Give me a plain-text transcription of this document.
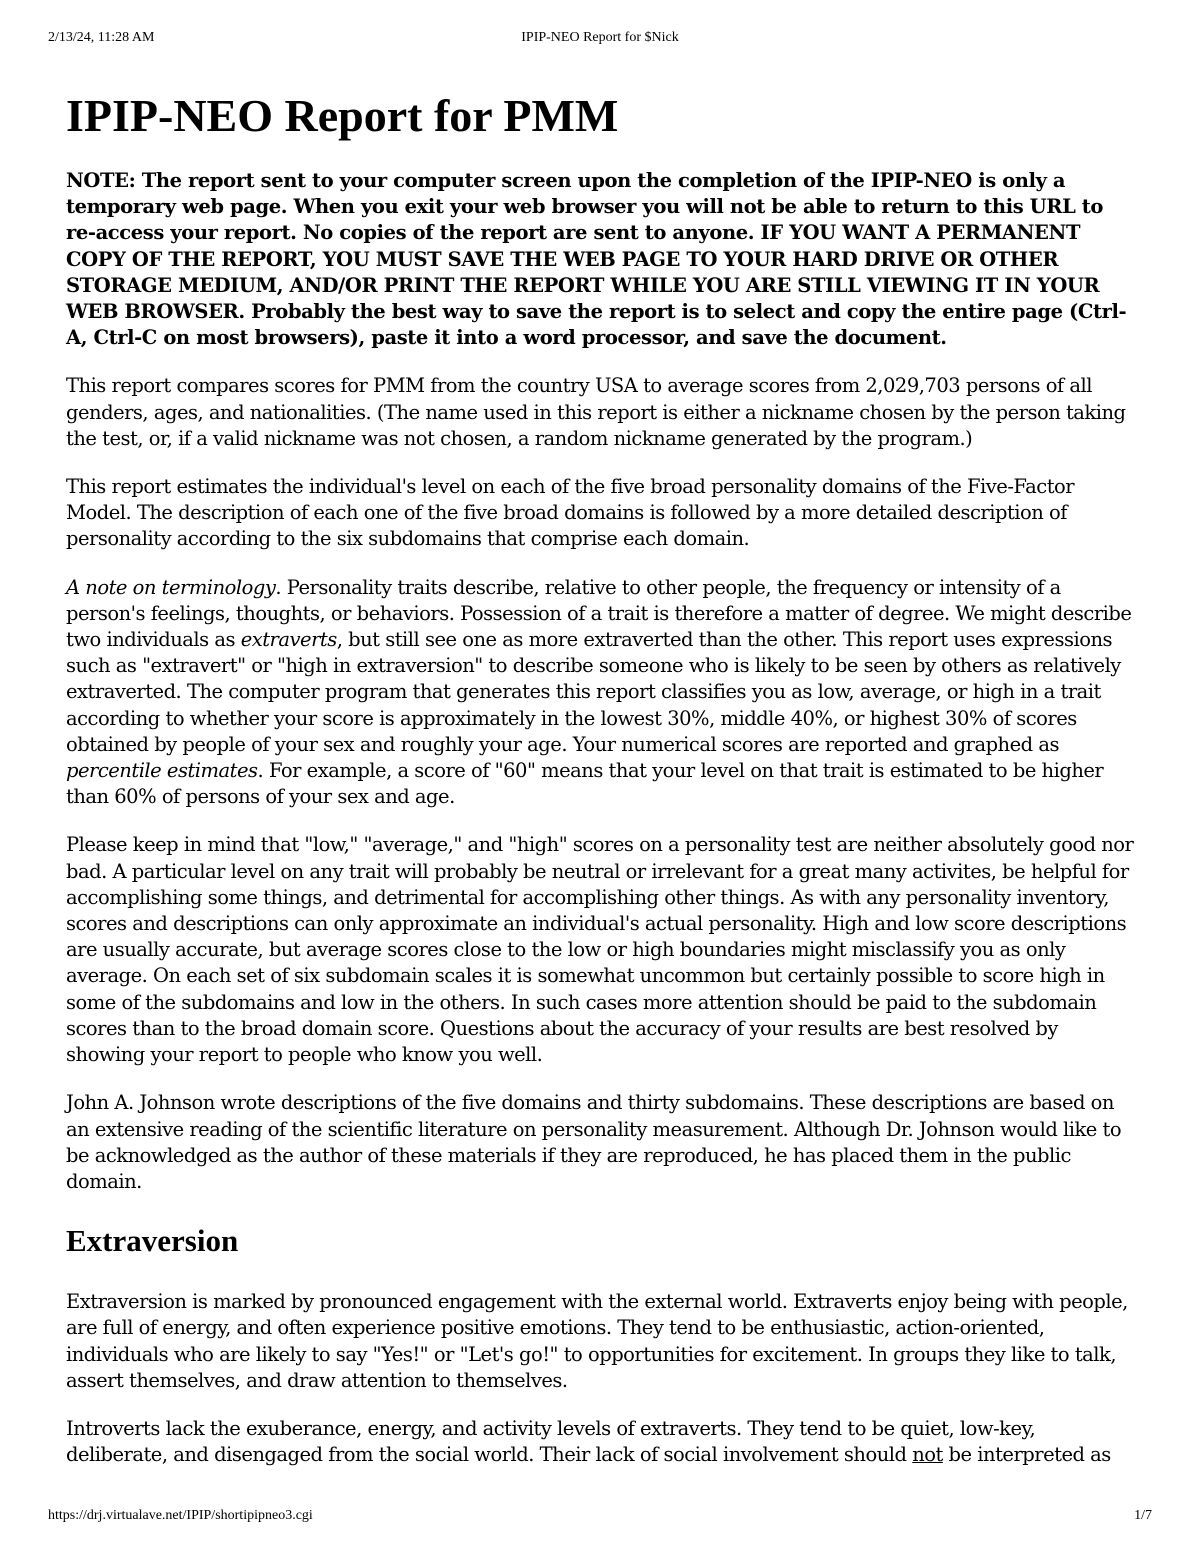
2/13/24, 11:28 AM	IPIP-NEO Report for $Nick
IPIP-NEO Report for PMM

NOTE: The report sent to your computer screen upon the completion of the IPIP-NEO is only a temporary web page. When you exit your web browser you will not be able to return to this URL to re-access your report. No copies of the report are sent to anyone. IF YOU WANT A PERMANENT COPY OF THE REPORT, YOU MUST SAVE THE WEB PAGE TO YOUR HARD DRIVE OR OTHER STORAGE MEDIUM, AND/OR PRINT THE REPORT WHILE YOU ARE STILL VIEWING IT IN YOUR WEB BROWSER. Probably the best way to save the report is to select and copy the entire page (Ctrl-A, Ctrl-C on most browsers), paste it into a word processor, and save the document.

This report compares scores for PMM from the country USA to average scores from 2,029,703 persons of all genders, ages, and nationalities. (The name used in this report is either a nickname chosen by the person taking the test, or, if a valid nickname was not chosen, a random nickname generated by the program.)

This report estimates the individual's level on each of the five broad personality domains of the Five-Factor Model. The description of each one of the five broad domains is followed by a more detailed description of personality according to the six subdomains that comprise each domain.

A note on terminology. Personality traits describe, relative to other people, the frequency or intensity of a person's feelings, thoughts, or behaviors. Possession of a trait is therefore a matter of degree. We might describe two individuals as extraverts, but still see one as more extraverted than the other. This report uses expressions such as "extravert" or "high in extraversion" to describe someone who is likely to be seen by others as relatively extraverted. The computer program that generates this report classifies you as low, average, or high in a trait according to whether your score is approximately in the lowest 30%, middle 40%, or highest 30% of scores obtained by people of your sex and roughly your age. Your numerical scores are reported and graphed as percentile estimates. For example, a score of "60" means that your level on that trait is estimated to be higher than 60% of persons of your sex and age.

Please keep in mind that "low," "average," and "high" scores on a personality test are neither absolutely good nor bad. A particular level on any trait will probably be neutral or irrelevant for a great many activites, be helpful for accomplishing some things, and detrimental for accomplishing other things. As with any personality inventory, scores and descriptions can only approximate an individual's actual personality. High and low score descriptions are usually accurate, but average scores close to the low or high boundaries might misclassify you as only average. On each set of six subdomain scales it is somewhat uncommon but certainly possible to score high in some of the subdomains and low in the others. In such cases more attention should be paid to the subdomain scores than to the broad domain score. Questions about the accuracy of your results are best resolved by showing your report to people who know you well.

John A. Johnson wrote descriptions of the five domains and thirty subdomains. These descriptions are based on an extensive reading of the scientific literature on personality measurement. Although Dr. Johnson would like to be acknowledged as the author of these materials if they are reproduced, he has placed them in the public domain.

Extraversion

Extraversion is marked by pronounced engagement with the external world. Extraverts enjoy being with people, are full of energy, and often experience positive emotions. They tend to be enthusiastic, action-oriented, individuals who are likely to say "Yes!" or "Let's go!" to opportunities for excitement. In groups they like to talk, assert themselves, and draw attention to themselves.

Introverts lack the exuberance, energy, and activity levels of extraverts. They tend to be quiet, low-key, deliberate, and disengaged from the social world. Their lack of social involvement should not be interpreted as

https://drj.virtualave.net/IPIP/shortipipneo3.cgi	1/7
